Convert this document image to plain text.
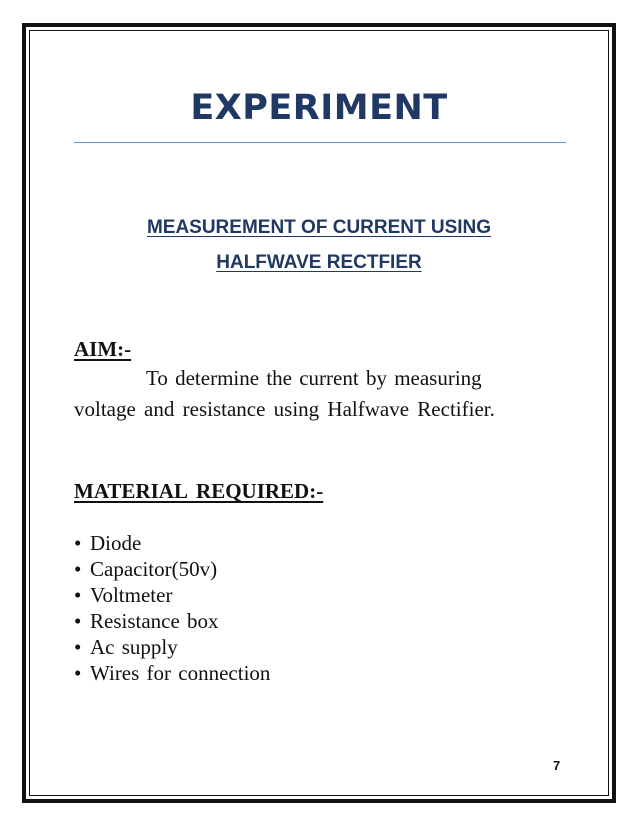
EXPERIMENT
MEASUREMENT OF CURRENT USING
HALFWAVE RECTFIER
AIM:-
To determine the current by measuring
voltage and resistance using Halfwave Rectifier.
MATERIAL REQUIRED:-
• Diode
• Capacitor(50v)
• Voltmeter
• Resistance box
• Ac supply
• Wires for connection
7
